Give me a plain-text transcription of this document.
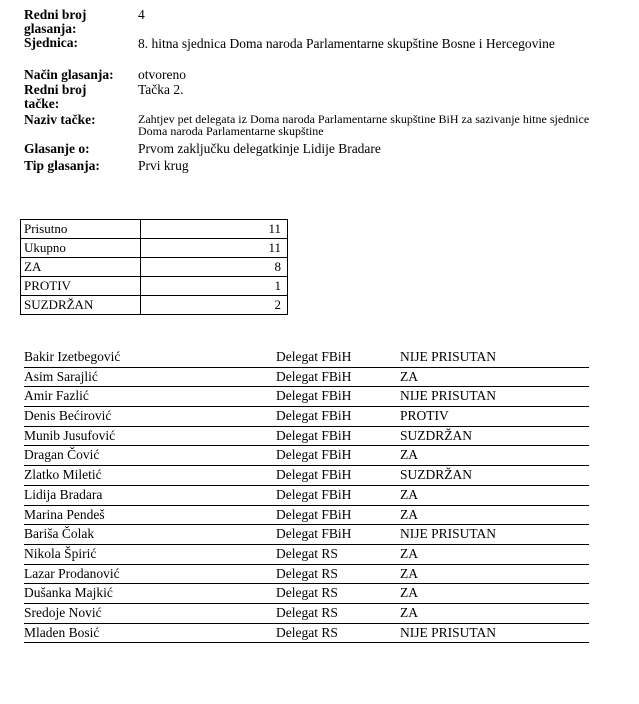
Redni broj glasanja:
4
Sjednica:	8. hitna sjednica Doma naroda Parlamentarne skupštine Bosne i Hercegovine
Način glasanja:	otvoreno
Redni broj tačke:
Tačka 2.
Naziv tačke:	Zahtjev pet delegata iz Doma naroda Parlamentarne skupštine BiH za sazivanje hitne sjednice Doma naroda Parlamentarne skupštine
Glasanje o:	Prvom zaključku delegatkinje Lidije Bradare
Tip glasanja:	Prvi krug
Prisutno	11
Ukupno	11
ZA	8
PROTIV	1
SUZDRŽAN	2
Bakir Izetbegović	Delegat FBiH	NIJE PRISUTAN
Asim Sarajlić	Delegat FBiH	ZA
Amir Fazlić	Delegat FBiH	NIJE PRISUTAN
Denis Bećirović	Delegat FBiH	PROTIV
Munib Jusufović	Delegat FBiH	SUZDRŽAN
Dragan Čović	Delegat FBiH	ZA
Zlatko Miletić	Delegat FBiH	SUZDRŽAN
Lidija Bradara	Delegat FBiH	ZA
Marina Pendeš	Delegat FBiH	ZA
Bariša Čolak	Delegat FBiH	NIJE PRISUTAN
Nikola Špirić	Delegat RS	ZA
Lazar Prodanović	Delegat RS	ZA
Dušanka Majkić	Delegat RS	ZA
Sredoje Nović	Delegat RS	ZA
Mladen Bosić	Delegat RS	NIJE PRISUTAN
